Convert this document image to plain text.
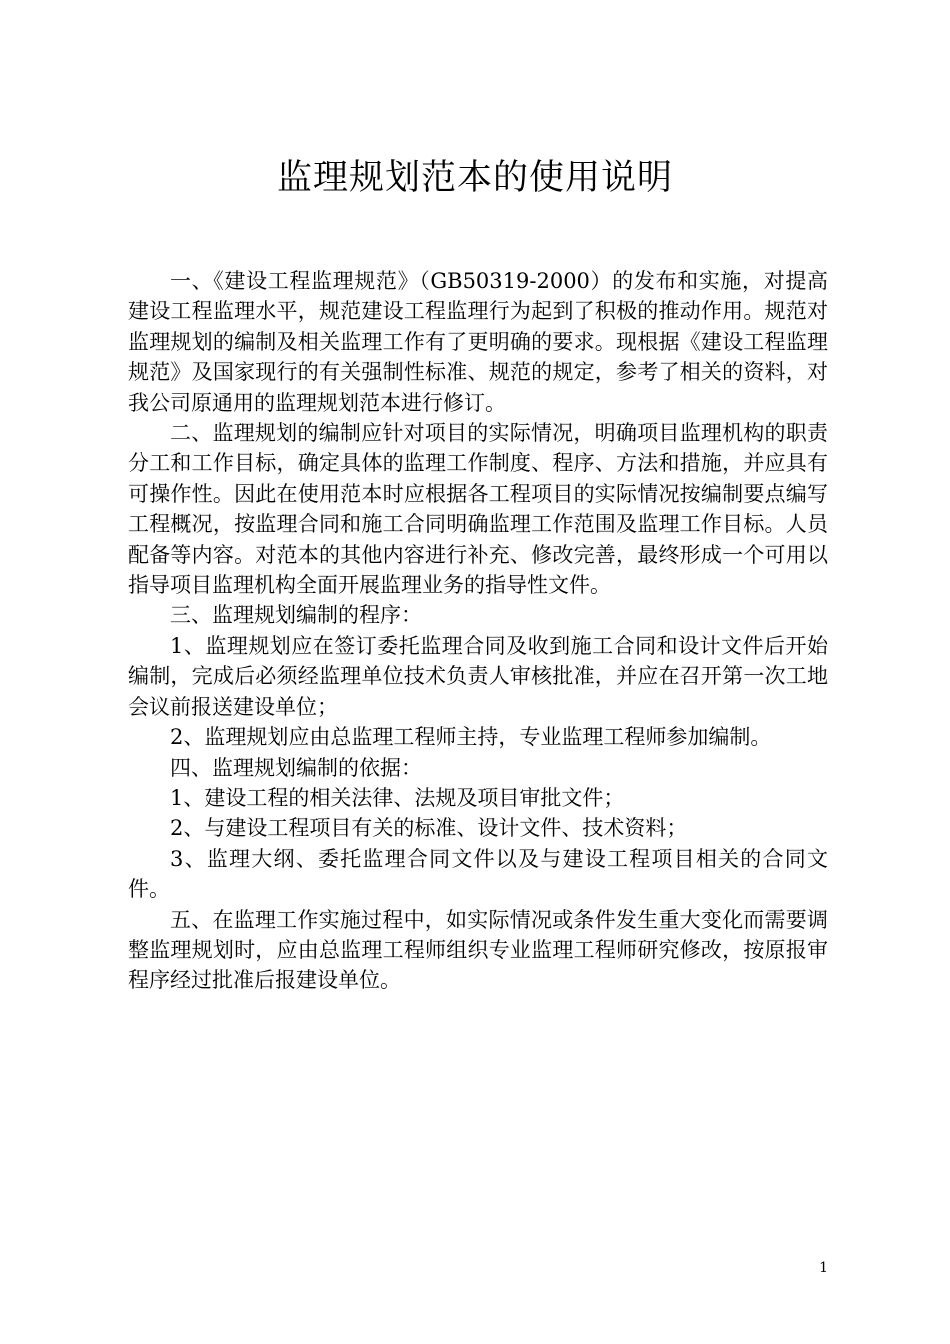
监理规划范本的使用说明

一、《建设工程监理规范》（GB50319-2000）的发布和实施，对提高建设工程监理水平，规范建设工程监理行为起到了积极的推动作用。规范对监理规划的编制及相关监理工作有了更明确的要求。现根据《建设工程监理规范》及国家现行的有关强制性标准、规范的规定，参考了相关的资料，对我公司原通用的监理规划范本进行修订。

二、监理规划的编制应针对项目的实际情况，明确项目监理机构的职责分工和工作目标，确定具体的监理工作制度、程序、方法和措施，并应具有可操作性。因此在使用范本时应根据各工程项目的实际情况按编制要点编写工程概况，按监理合同和施工合同明确监理工作范围及监理工作目标。人员配备等内容。对范本的其他内容进行补充、修改完善，最终形成一个可用以指导项目监理机构全面开展监理业务的指导性文件。

三、监理规划编制的程序：

1、监理规划应在签订委托监理合同及收到施工合同和设计文件后开始编制，完成后必须经监理单位技术负责人审核批准，并应在召开第一次工地会议前报送建设单位；

2、监理规划应由总监理工程师主持，专业监理工程师参加编制。

四、监理规划编制的依据：

1、建设工程的相关法律、法规及项目审批文件；

2、与建设工程项目有关的标准、设计文件、技术资料；

3、监理大纲、委托监理合同文件以及与建设工程项目相关的合同文件。

五、在监理工作实施过程中，如实际情况或条件发生重大变化而需要调整监理规划时，应由总监理工程师组织专业监理工程师研究修改，按原报审程序经过批准后报建设单位。

1
